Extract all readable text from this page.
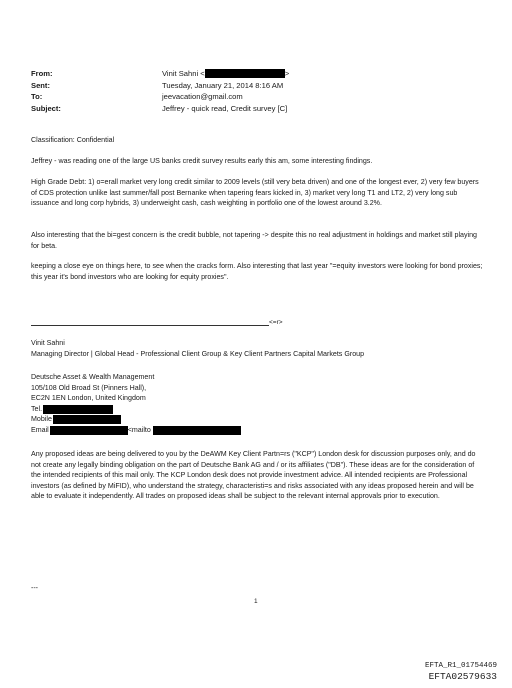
From:	Vinit Sahni <	>
Sent:	Tuesday, January 21, 2014 8:16 AM
To:	jeevacation@gmail.com
Subject:	Jeffrey - quick read, Credit survey [C]
Classification: Confidential
Jeffrey - was reading one of the large US banks credit survey results early this am, some interesting findings.
High Grade Debt: 1) o=erall market very long credit similar to 2009 levels (still very beta driven) and one of the longest ever, 2) very few buyers of CDS protection unlike last summer/fall post Bernanke when tapering fears kicked in, 3) market very long T1 and LT2, 2) very long sub issuance and long corp hybrids, 3) underweight cash, cash weighting in portfolio one of the lowest around 3.2%.
Also interesting that the bi=gest concern is the credit bubble, not tapering -> despite this no real adjustment in holdings and market still playing for beta.
keeping a close eye on things here, to see when the cracks form. Also interesting that last year "=equity investors were looking for bond proxies; this year it's bond investors who are looking for equity proxies".
<=r>
Vinit Sahni
Managing Director | Global Head - Professional Client Group & Key Client Partners Capital Markets Group
Deutsche Asset & Wealth Management
105/108 Old Broad St (Pinners Hall),
EC2N 1EN London, United Kingdom
Tel.
Mobile
Email	<mailto
Any proposed ideas are being delivered to you by the DeAWM Key Client Partn=rs ("KCP") London desk for discussion purposes only, and do not create any legally binding obligation on the part of Deutsche Bank AG and / or its affiliates ("DB"). These ideas are for the consideration of the intended recipients of this mail only. The KCP London desk does not provide investment advice. All intended recipients are Professional investors (as defined by MiFID), who understand the strategy, characteristi=s and risks associated with any ideas proposed herein and will be able to evaluate it independently. All trades on proposed ideas shall be subject to the relevant internal approvals prior to execution.
---
1
EFTA_R1_01754469
EFTA02579633
